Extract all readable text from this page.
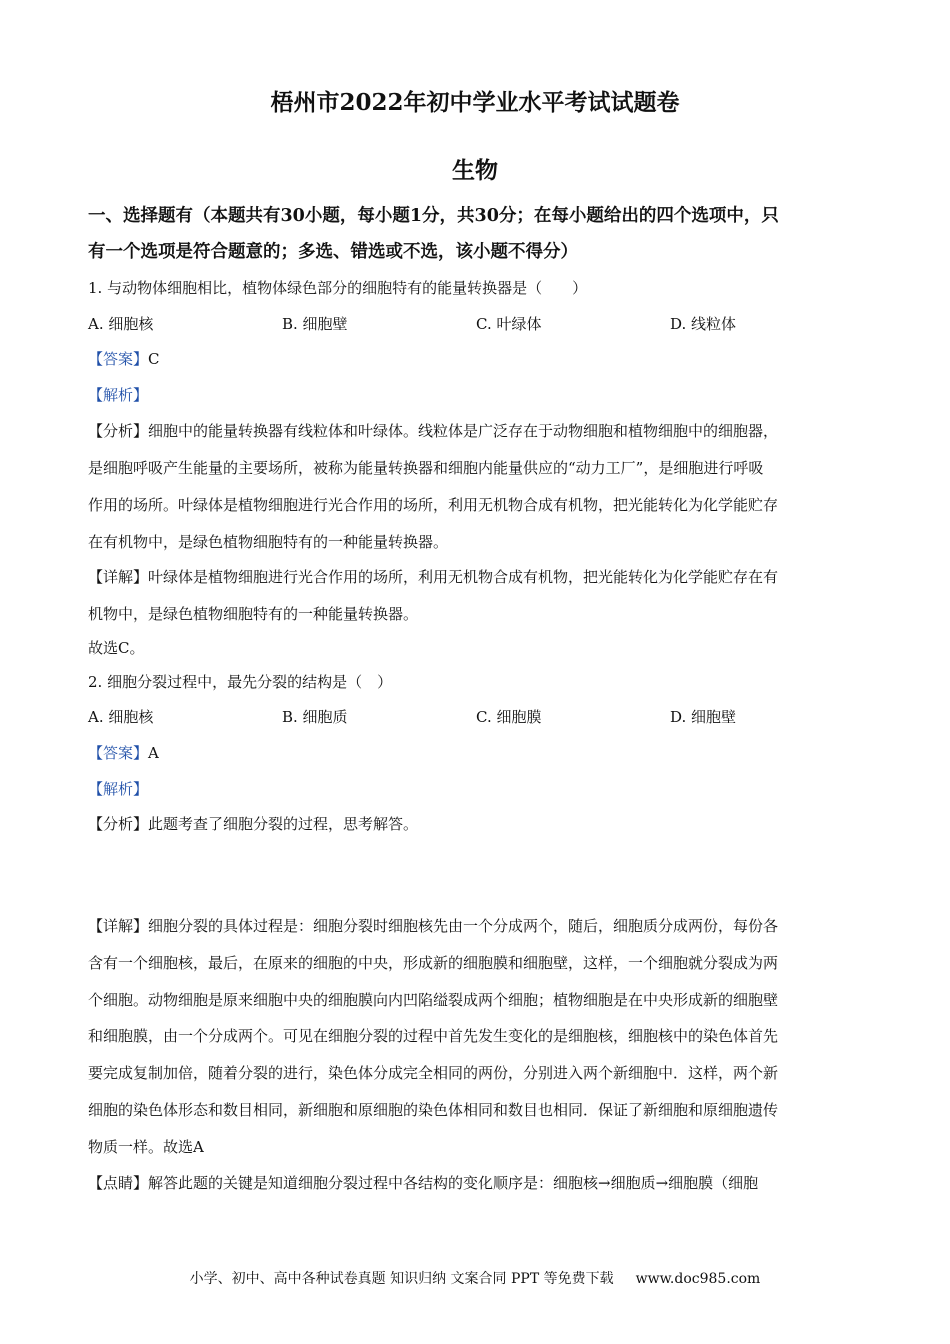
梧州市2022年初中学业水平考试试题卷
生物
一、选择题有（本题共有30小题，每小题1分，共30分；在每小题给出的四个选项中，只
有一个选项是符合题意的；多选、错选或不选，该小题不得分）
1. 与动物体细胞相比，植物体绿色部分的细胞特有的能量转换器是（　　）
A. 细胞核	B. 细胞壁	C. 叶绿体	D. 线粒体
【答案】C
【解析】
【分析】细胞中的能量转换器有线粒体和叶绿体。线粒体是广泛存在于动物细胞和植物细胞中的细胞器，
是细胞呼吸产生能量的主要场所，被称为能量转换器和细胞内能量供应的“动力工厂”，是细胞进行呼吸
作用的场所。叶绿体是植物细胞进行光合作用的场所，利用无机物合成有机物，把光能转化为化学能贮存
在有机物中，是绿色植物细胞特有的一种能量转换器。
【详解】叶绿体是植物细胞进行光合作用的场所，利用无机物合成有机物，把光能转化为化学能贮存在有
机物中，是绿色植物细胞特有的一种能量转换器。
故选C。
2. 细胞分裂过程中，最先分裂的结构是（　）
A. 细胞核	B. 细胞质	C. 细胞膜	D. 细胞壁
【答案】A
【解析】
【分析】此题考查了细胞分裂的过程，思考解答。
【详解】细胞分裂的具体过程是：细胞分裂时细胞核先由一个分成两个，随后，细胞质分成两份，每份各
含有一个细胞核，最后，在原来的细胞的中央，形成新的细胞膜和细胞壁，这样，一个细胞就分裂成为两
个细胞。动物细胞是原来细胞中央的细胞膜向内凹陷缢裂成两个细胞；植物细胞是在中央形成新的细胞壁
和细胞膜，由一个分成两个。可见在细胞分裂的过程中首先发生变化的是细胞核，细胞核中的染色体首先
要完成复制加倍，随着分裂的进行，染色体分成完全相同的两份，分别进入两个新细胞中．这样，两个新
细胞的染色体形态和数目相同，新细胞和原细胞的染色体相同和数目也相同．保证了新细胞和原细胞遗传
物质一样。故选A
【点睛】解答此题的关键是知道细胞分裂过程中各结构的变化顺序是：细胞核→细胞质→细胞膜（细胞
小学、初中、高中各种试卷真题 知识归纳 文案合同 PPT 等免费下载 www.doc985.com
